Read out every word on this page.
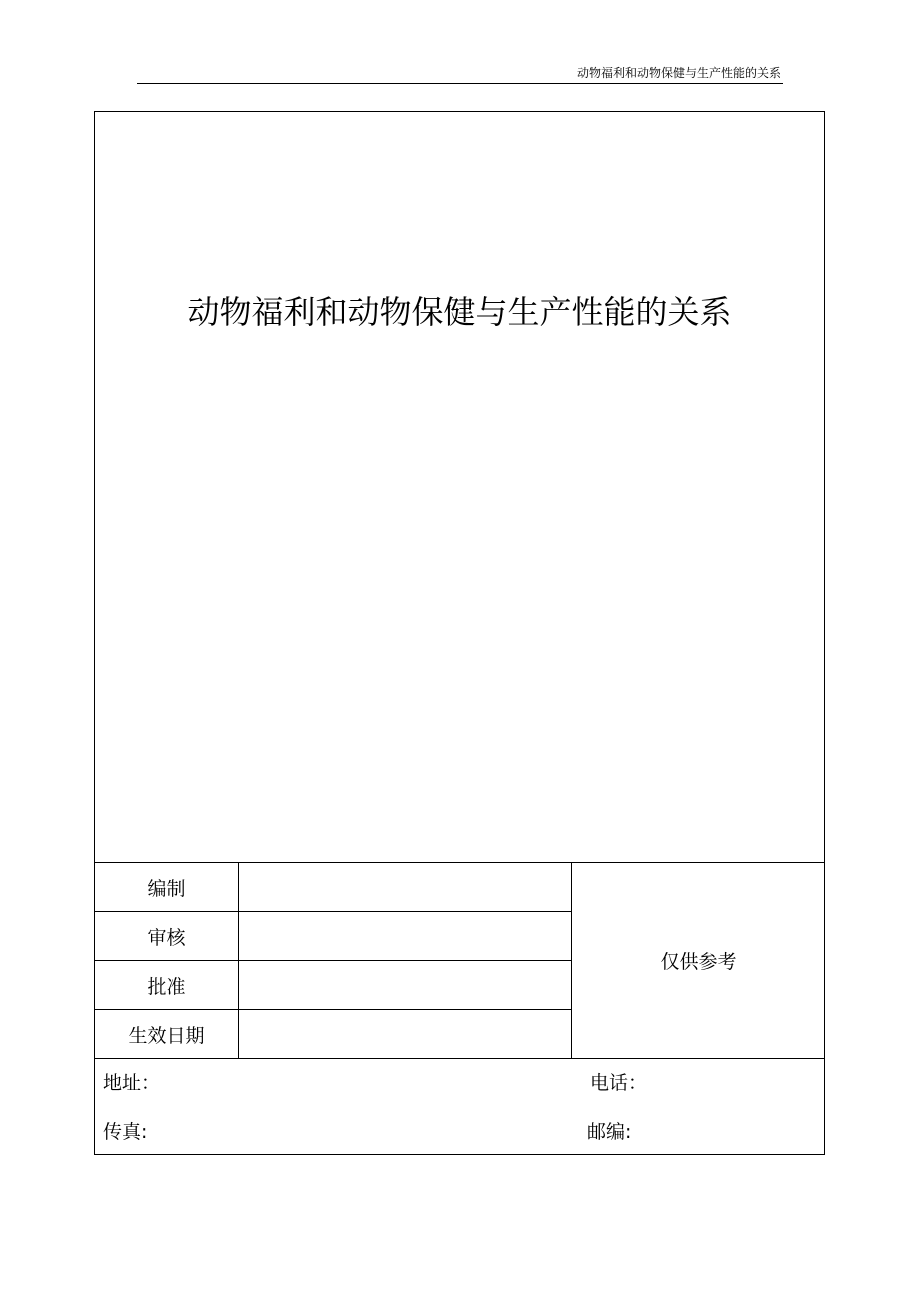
动物福利和动物保健与生产性能的关系
动物福利和动物保健与生产性能的关系
编制
审核
批准
生效日期
仅供参考
地址：	电话：
传真:	邮编:
